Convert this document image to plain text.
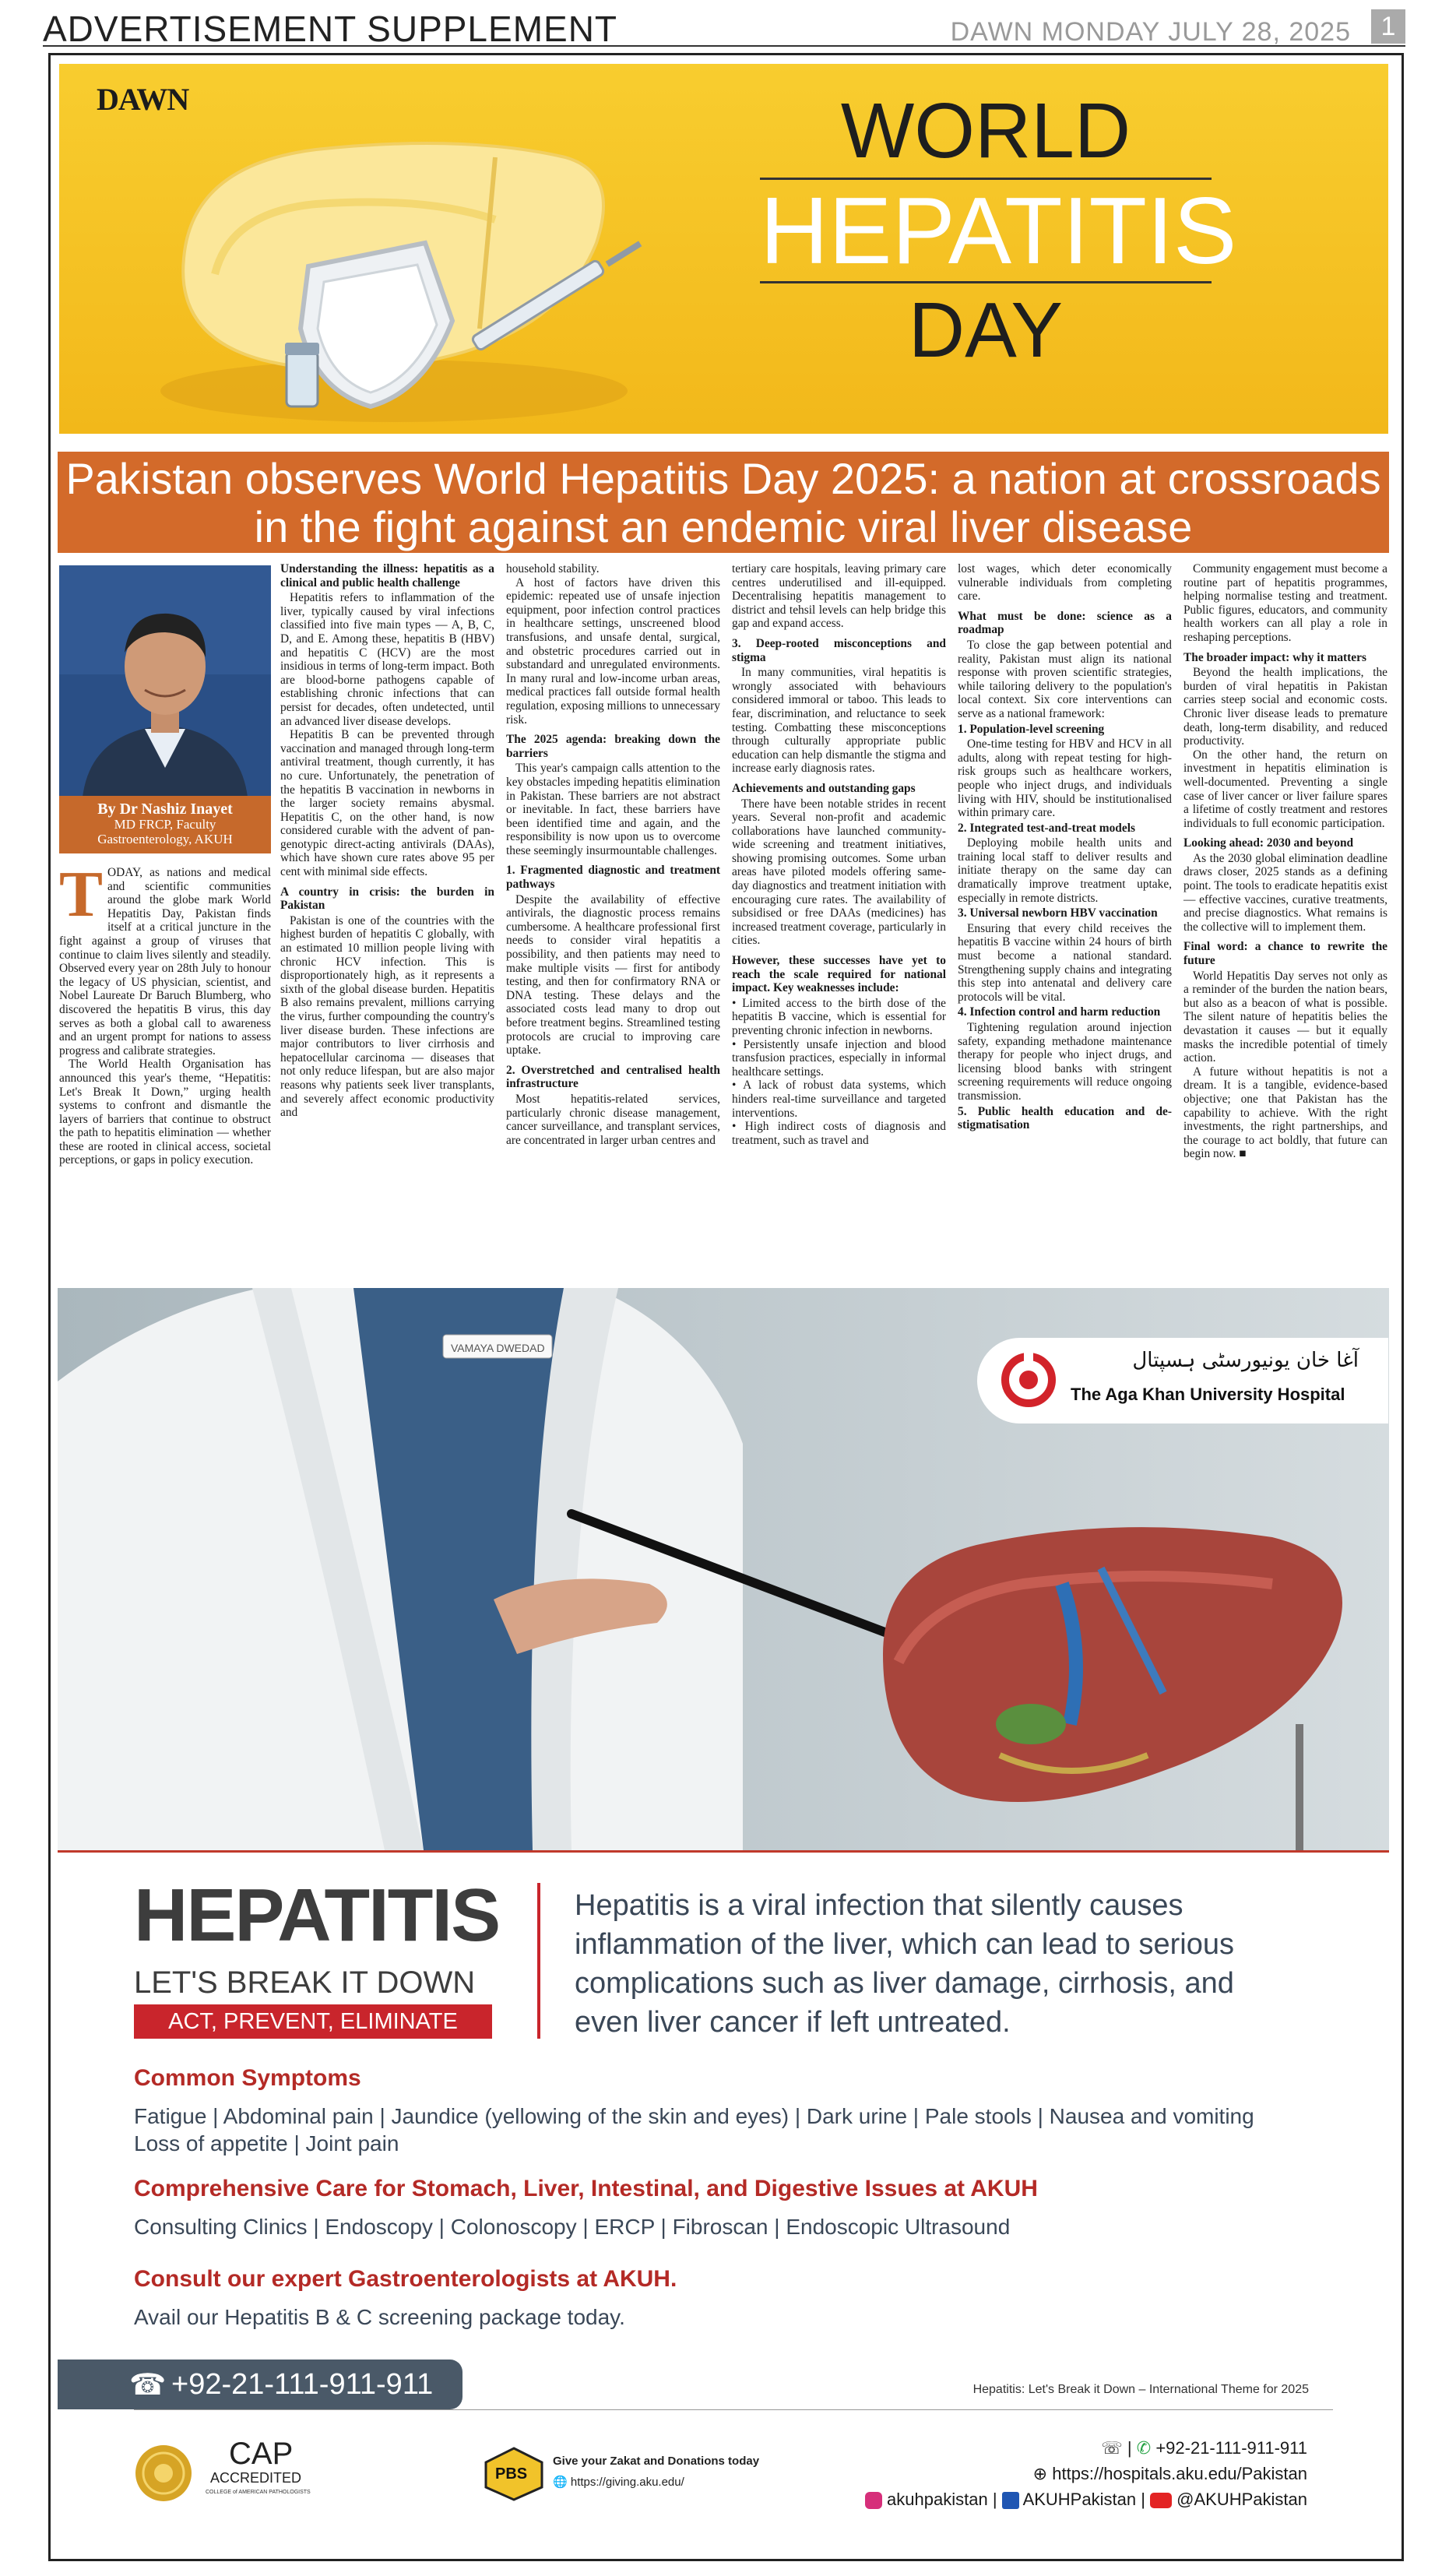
ADVERTISEMENT SUPPLEMENT	DAWN MONDAY JULY 28, 2025	1
DAWN	WORLD
HEPATITIS
DAY
Pakistan observes World Hepatitis Day 2025: a nation at crossroads in the fight against an endemic viral liver disease
By Dr Nashiz Inayet
MD FRCP, Faculty
Gastroenterology, AKUH

TODAY, as nations and medical and scientific communities around the globe mark World Hepatitis Day, Pakistan finds itself at a critical juncture in the fight against a group of viruses that continue to claim lives silently and steadily. Observed every year on 28th July to honour the legacy of US physician, scientist, and Nobel Laureate Dr Baruch Blumberg, who discovered the hepatitis B virus, this day serves as both a global call to awareness and an urgent prompt for nations to assess progress and calibrate strategies.

The World Health Organisation has announced this year's theme, “Hepatitis: Let's Break It Down,” urging health systems to confront and dismantle the layers of barriers that continue to obstruct the path to hepatitis elimination — whether these are rooted in clinical access, societal perceptions, or gaps in policy execution.

Understanding the illness: hepatitis as a clinical and public health challenge

Hepatitis refers to inflammation of the liver, typically caused by viral infections classified into five main types — A, B, C, D, and E. Among these, hepatitis B (HBV) and hepatitis C (HCV) are the most insidious in terms of long-term impact. Both are blood-borne pathogens capable of establishing chronic infections that can persist for decades, often undetected, until an advanced liver disease develops.

Hepatitis B can be prevented through vaccination and managed through long-term antiviral treatment, though currently, it has no cure. Unfortunately, the penetration of the hepatitis B vaccination in newborns in the larger society remains abysmal. Hepatitis C, on the other hand, is now considered curable with the advent of pan-genotypic direct-acting antivirals (DAAs), which have shown cure rates above 95 per cent with minimal side effects.

A country in crisis: the burden in Pakistan

Pakistan is one of the countries with the highest burden of hepatitis C globally, with an estimated 10 million people living with chronic HCV infection. This is disproportionately high, as it represents a sixth of the global disease burden. Hepatitis B also remains prevalent, millions carrying the virus, further compounding the country's liver disease burden. These infections are major contributors to liver cirrhosis and hepatocellular carcinoma — diseases that not only reduce lifespan, but are also major reasons why patients seek liver transplants, and severely affect economic productivity and

household stability.

A host of factors have driven this epidemic: repeated use of unsafe injection equipment, poor infection control practices in healthcare settings, unscreened blood transfusions, and unsafe dental, surgical, and obstetric procedures carried out in substandard and unregulated environments. In many rural and low-income urban areas, medical practices fall outside formal health regulation, exposing millions to unnecessary risk.

The 2025 agenda: breaking down the barriers

This year's campaign calls attention to the key obstacles impeding hepatitis elimination in Pakistan. These barriers are not abstract or inevitable. In fact, these barriers have been identified time and again, and the responsibility is now upon us to overcome these seemingly insurmountable challenges.

1. Fragmented diagnostic and treatment pathways

Despite the availability of effective antivirals, the diagnostic process remains cumbersome. A healthcare professional first needs to consider viral hepatitis a possibility, and then patients may need to make multiple visits — first for antibody testing, and then for confirmatory RNA or DNA testing. These delays and the associated costs lead many to drop out before treatment begins. Streamlined testing protocols are crucial to improving care uptake.

2. Overstretched and centralised health infrastructure

Most hepatitis-related services, particularly chronic disease management, cancer surveillance, and transplant services, are concentrated in larger urban centres and

tertiary care hospitals, leaving primary care centres underutilised and ill-equipped. Decentralising hepatitis management to district and tehsil levels can help bridge this gap and expand access.

3. Deep-rooted misconceptions and stigma

In many communities, viral hepatitis is wrongly associated with behaviours considered immoral or taboo. This leads to fear, discrimination, and reluctance to seek testing. Combatting these misconceptions through culturally appropriate public education can help dismantle the stigma and increase early diagnosis rates.

Achievements and outstanding gaps

There have been notable strides in recent years. Several non-profit and academic collaborations have launched community-wide screening and treatment initiatives, showing promising outcomes. Some urban areas have piloted models offering same-day diagnostics and treatment initiation with encouraging cure rates. The availability of subsidised or free DAAs (medicines) has increased treatment coverage, particularly in cities.

However, these successes have yet to reach the scale required for national impact. Key weaknesses include:

• Limited access to the birth dose of the hepatitis B vaccine, which is essential for preventing chronic infection in newborns.

• Persistently unsafe injection and blood transfusion practices, especially in informal healthcare settings.

• A lack of robust data systems, which hinders real-time surveillance and targeted interventions.

• High indirect costs of diagnosis and treatment, such as travel and

lost wages, which deter economically vulnerable individuals from completing care.

What must be done: science as a roadmap

To close the gap between potential and reality, Pakistan must align its national response with proven scientific strategies, while tailoring delivery to the population's local context. Six core interventions can serve as a national framework:

1. Population-level screening

One-time testing for HBV and HCV in all adults, along with repeat testing for high-risk groups such as healthcare workers, people who inject drugs, and individuals living with HIV, should be institutionalised within primary care.

2. Integrated test-and-treat models

Deploying mobile health units and training local staff to deliver results and initiate therapy on the same day can dramatically improve treatment uptake, especially in remote districts.

3. Universal newborn HBV vaccination

Ensuring that every child receives the hepatitis B vaccine within 24 hours of birth must become a national standard. Strengthening supply chains and integrating this step into antenatal and delivery care protocols will be vital.

4. Infection control and harm reduction

Tightening regulation around injection safety, expanding methadone maintenance therapy for people who inject drugs, and licensing blood banks with stringent screening requirements will reduce ongoing transmission.

5. Public health education and de-stigmatisation

Community engagement must become a routine part of hepatitis programmes, helping normalise testing and treatment. Public figures, educators, and community health workers can all play a role in reshaping perceptions.

The broader impact: why it matters

Beyond the health implications, the burden of viral hepatitis in Pakistan carries steep social and economic costs. Chronic liver disease leads to premature death, long-term disability, and reduced productivity.

On the other hand, the return on investment in hepatitis elimination is well-documented. Preventing a single case of liver cancer or liver failure spares a lifetime of costly treatment and restores individuals to full economic participation.

Looking ahead: 2030 and beyond

As the 2030 global elimination deadline draws closer, 2025 stands as a defining point. The tools to eradicate hepatitis exist — effective vaccines, curative treatments, and precise diagnostics. What remains is the collective will to implement them.

Final word: a chance to rewrite the future

World Hepatitis Day serves not only as a reminder of the burden the nation bears, but also as a beacon of what is possible. The silent nature of hepatitis belies the devastation it causes — but it equally masks the incredible potential of timely action.

A future without hepatitis is not a dream. It is a tangible, evidence-based objective; one that Pakistan has the capability to achieve. With the right investments, the right partnerships, and the courage to act boldly, that future can begin now. ■

VAMAYA DWEDAD
آغا خان یونیورسٹی ہسپتال
The Aga Khan University Hospital
HEPATITIS
LET'S BREAK IT DOWN
ACT, PREVENT, ELIMINATE
Hepatitis is a viral infection that silently causes inflammation of the liver, which can lead to serious complications such as liver damage, cirrhosis, and even liver cancer if left untreated.
Common Symptoms
Fatigue | Abdominal pain | Jaundice (yellowing of the skin and eyes) | Dark urine | Pale stools | Nausea and vomiting
Loss of appetite | Joint pain
Comprehensive Care for Stomach, Liver, Intestinal, and Digestive Issues at AKUH
Consulting Clinics | Endoscopy | Colonoscopy | ERCP | Fibroscan | Endoscopic Ultrasound
Consult our expert Gastroenterologists at AKUH.
Avail our Hepatitis B & C screening package today.
☎ +92-21-111-911-911	Hepatitis: Let's Break it Down – International Theme for 2025
CAP
ACCREDITED
COLLEGE of AMERICAN PATHOLOGISTS
PBS
Give your Zakat and Donations today
🌐 https://giving.aku.edu/
☏ | ✆ +92-21-111-911-911
⊕ https://hospitals.aku.edu/Pakistan
akuhpakistan |  AKUHPakistan |  @AKUHPakistan
